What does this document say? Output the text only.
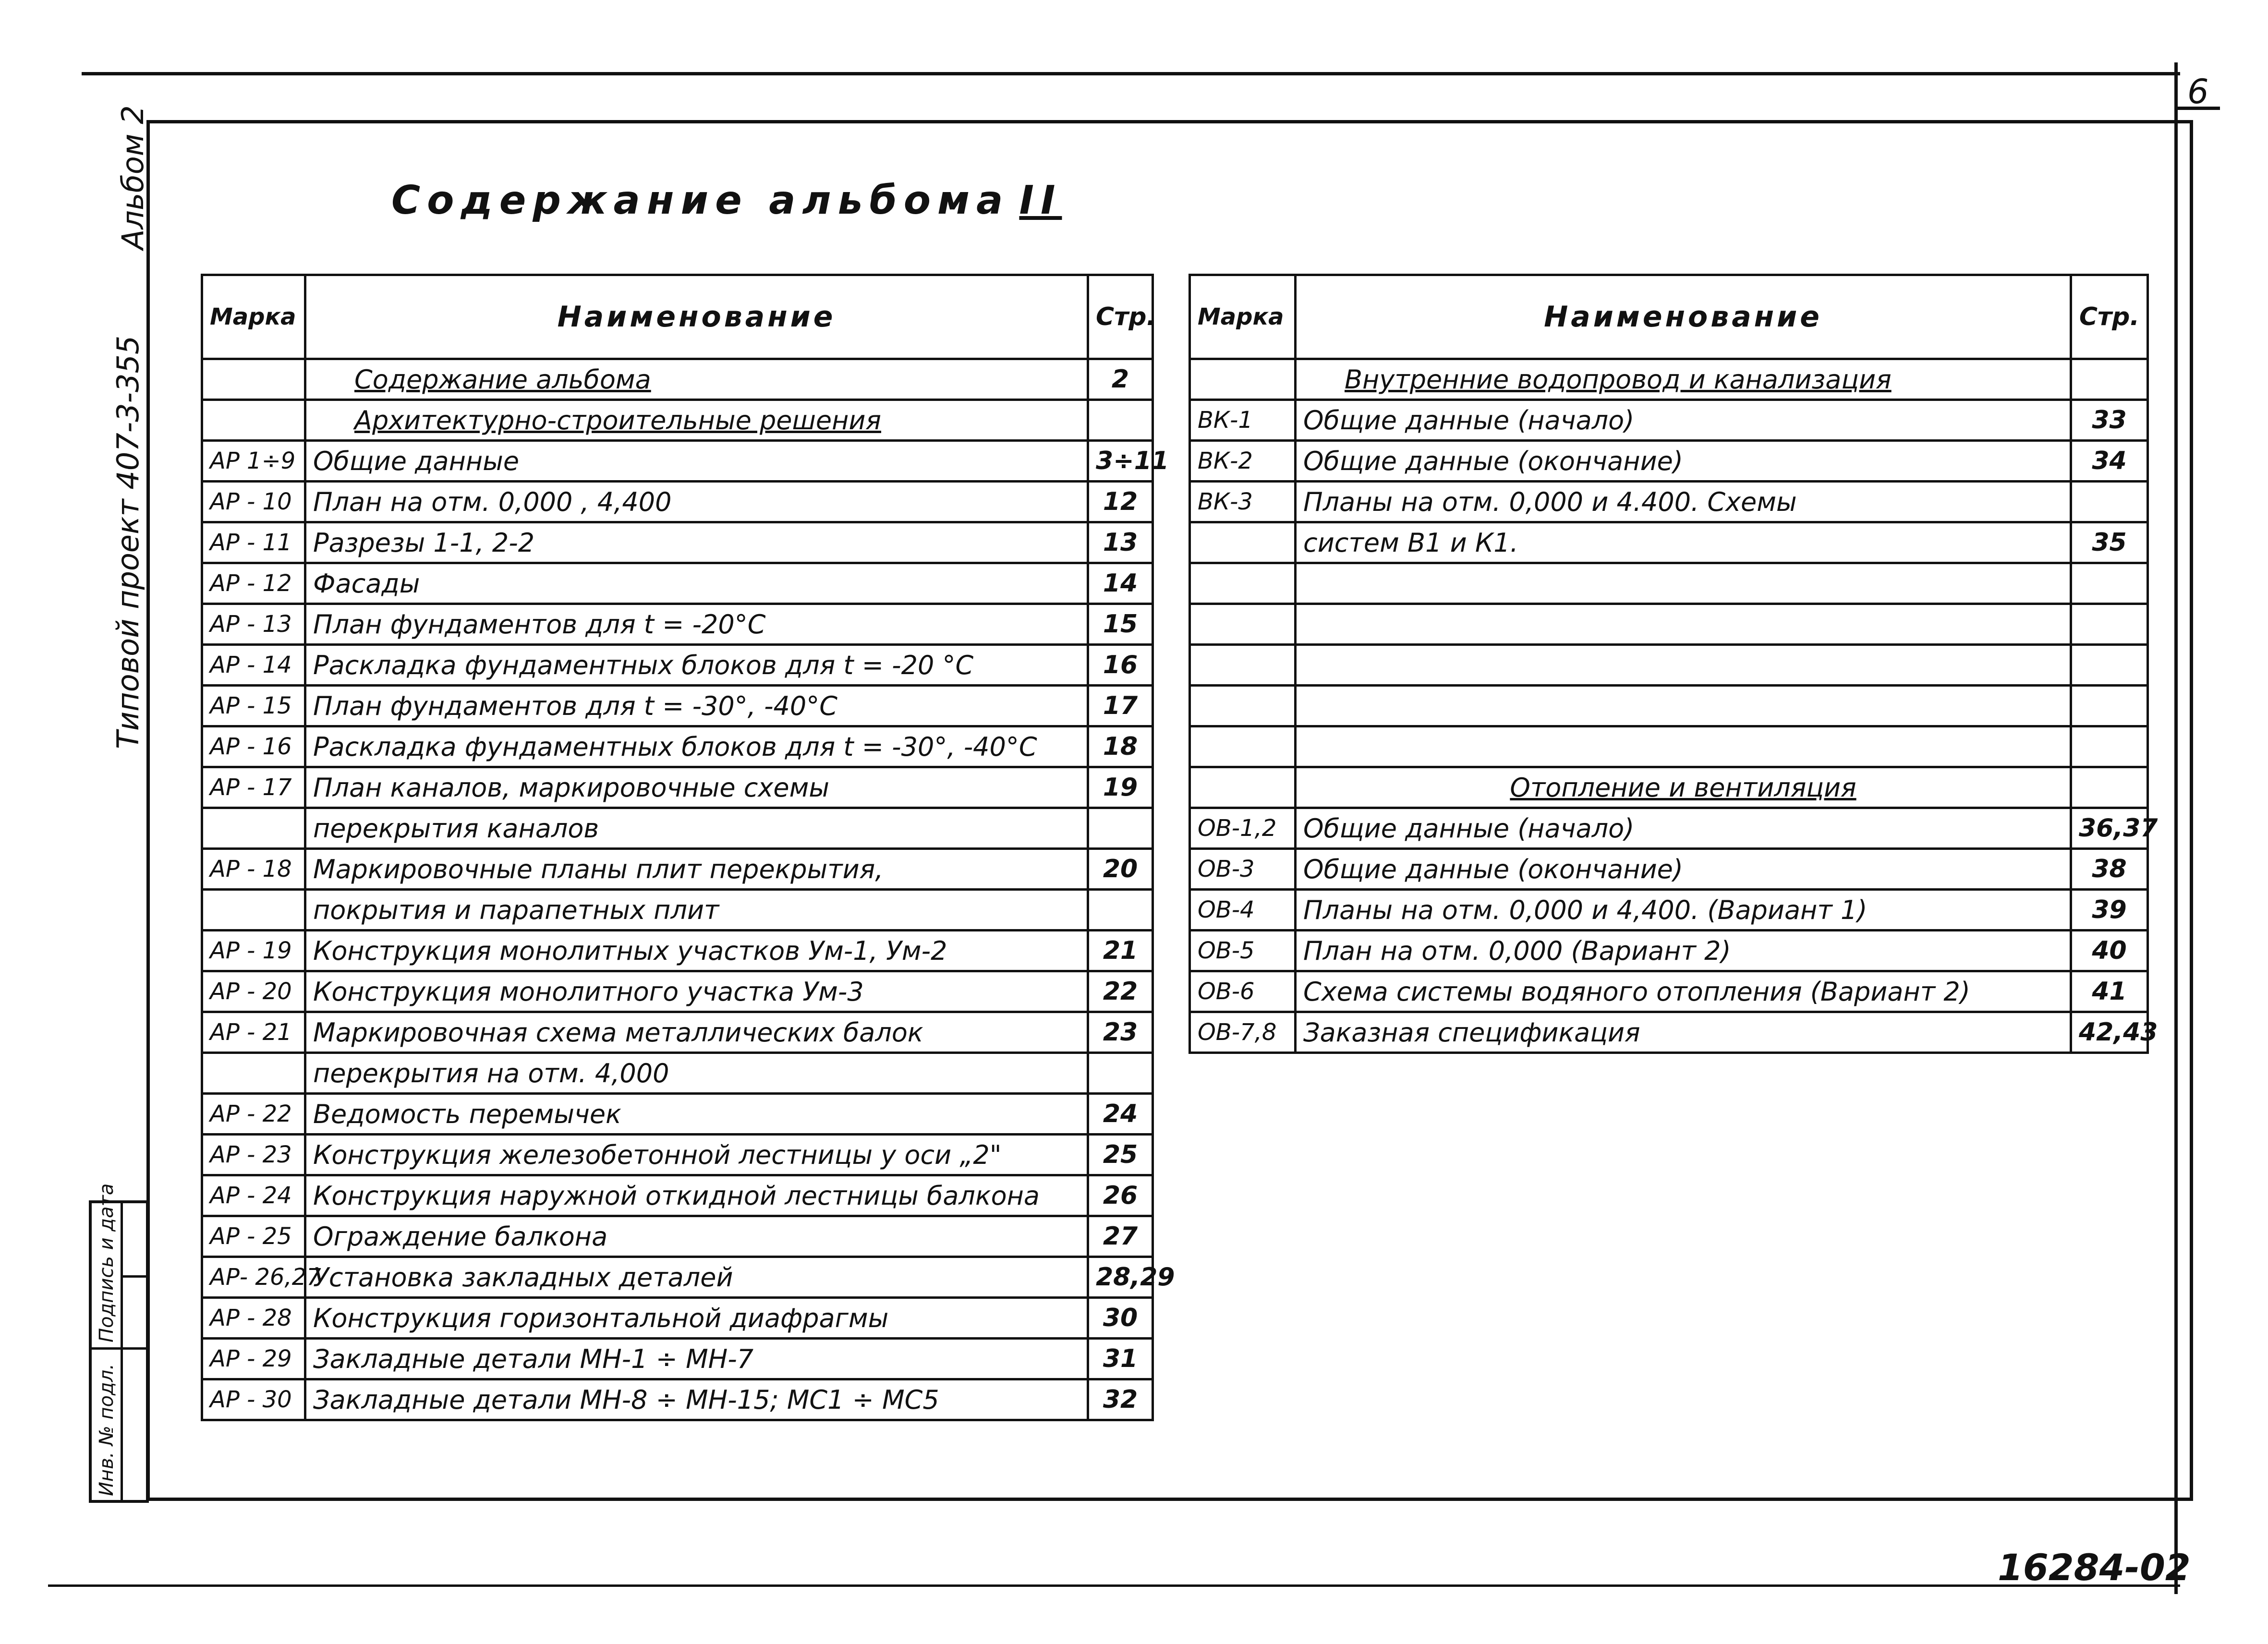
6
16284-02
Альбом 2
Типовой проект 407-3-355
Инв. № подл.
Подпись и дата
Содержание альбома II
Марка	Наименование	Стр.
	Содержание альбома	2
	Архитектурно-строительные решения	
АР 1÷9	Общие данные	3÷11
АР - 10	План на отм. 0,000 , 4,400	12
АР - 11	Разрезы 1-1, 2-2	13
АР - 12	Фасады	14
АР - 13	План фундаментов для t = -20°С	15
АР - 14	Раскладка фундаментных блоков для t = -20 °С	16
АР - 15	План фундаментов для t = -30°, -40°С	17
АР - 16	Раскладка фундаментных блоков для t = -30°, -40°С	18
АР - 17	План каналов, маркировочные схемы	19
	перекрытия каналов	
АР - 18	Маркировочные планы плит перекрытия,	20
	покрытия и парапетных плит	
АР - 19	Конструкция монолитных участков Ум-1, Ум-2	21
АР - 20	Конструкция монолитного участка Ум-3	22
АР - 21	Маркировочная схема металлических балок	23
	перекрытия на отм. 4,000	
АР - 22	Ведомость перемычек	24
АР - 23	Конструкция железобетонной лестницы у оси „2"	25
АР - 24	Конструкция наружной откидной лестницы балкона	26
АР - 25	Ограждение балкона	27
АР- 26,27	Установка закладных деталей	28,29
АР - 28	Конструкция горизонтальной диафрагмы	30
АР - 29	Закладные детали МН-1 ÷ МН-7	31
АР - 30	Закладные детали МН-8 ÷ МН-15; МС1 ÷ МС5	32
Марка	Наименование	Стр.
	Внутренние водопровод и канализация	
ВК-1	Общие данные (начало)	33
ВК-2	Общие данные (окончание)	34
ВК-3	Планы на отм. 0,000 и 4.400. Схемы	
	систем В1 и К1.	35

	Отопление и вентиляция	
ОВ-1,2	Общие данные (начало)	36,37
ОВ-3	Общие данные (окончание)	38
ОВ-4	Планы на отм. 0,000 и 4,400. (Вариант 1)	39
ОВ-5	План на отм. 0,000 (Вариант 2)	40
ОВ-6	Схема системы водяного отопления (Вариант 2)	41
ОВ-7,8	Заказная спецификация	42,43
